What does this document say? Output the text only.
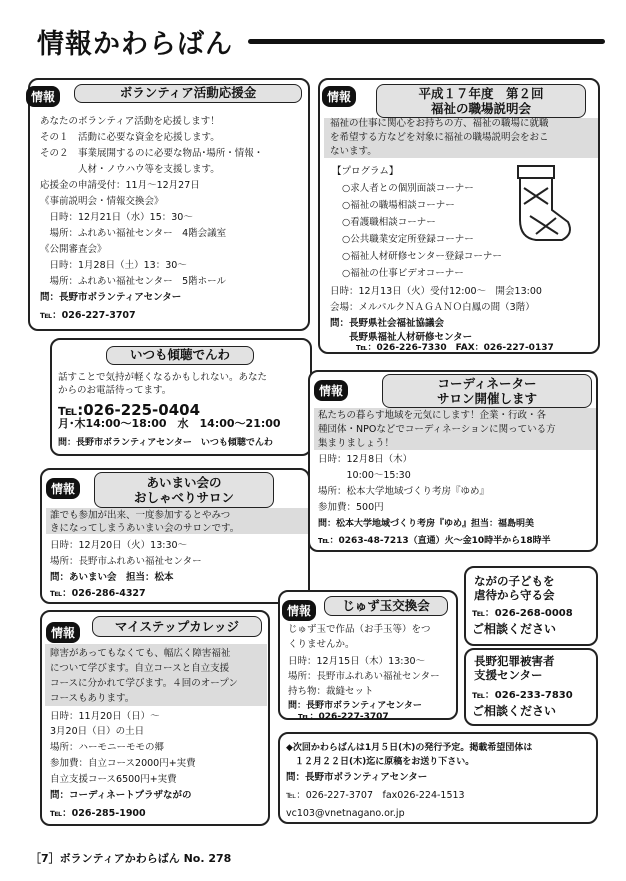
情報かわらばん
情報	ボランティア活動応援金
あなたのボランティア活動を応援します！
その１　活動に必要な資金を応援します。
その２　事業展開するのに必要な物品･場所・情報・
　　　　人材・ノウハウ等を支援します。
応援金の申請受付：11月～12月27日
《事前説明会・情報交換会》
　日時：12月21日（水）15：30～
　場所：ふれあい福祉センター　4階会議室
《公開審査会》
　日時：1月28日（土）13：30～
　場所：ふれあい福祉センター　5階ホール
問：長野市ボランティアセンター
℡：026-227-3707
いつも傾聴でんわ
話すことで気持が軽くなるかもしれない。あなた
からのお電話待ってます。
℡:026-225-0404
月･木14:00～18:00　水　14:00～21:00
問：長野市ボランティアセンター　いつも傾聴でんわ
情報	あいまい会の
おしゃべりサロン
誰でも参加が出来、一度参加するとやみつ
きになってしまうあいまい会のサロンです。
日時：12月20日（火）13:30～
場所：長野市ふれあい福祉センター
問：あいまい会　担当：松本
℡：026-286-4327
情報	マイステップカレッジ
障害があってもなくても、幅広く障害福祉
について学びます。自立コースと自立支援
コースに分かれて学びます。４回のオープン
コースもあります。
日時：11月20日（日）～
3月20日（日）の土日
場所：ハーモニーモモの郷
参加費：自立コース2000円+実費
自立支援コース6500円+実費
問：コーディネートプラザながの
℡：026-285-1900
情報	平成１７年度　第２回
福祉の職場説明会
福祉の仕事に関心をお持ちの方、福祉の職場に就職
を希望する方などを対象に福祉の職場説明会をおこ
ないます。
【プログラム】
○求人者との個別面談コーナー
○福祉の職場相談コーナー
○看護職相談コーナー
○公共職業安定所登録コーナー
○福祉人材研修センター登録コーナー
○福祉の仕事ビデオコーナー
日時：12月13日（火）受付12:00～　開会13:00
会場：メルパルクＮＡＧＡＮＯ白鳳の間（3階）
問：長野県社会福祉協議会
　　長野県福祉人材研修センター
℡：026-226-7330　FAX：026-227-0137
情報	コーディネーター
サロン開催します
私たちの暮らす地域を元気にします！企業・行政・各
種団体・NPOなどでコーディネーションに関っている方
集まりましょう！
日時：12月8日（木）
　　　10:00～15:30
場所：松本大学地域づくり考房『ゆめ』
参加費：500円
問：松本大学地域づくり考房『ゆめ』担当：福島明美
℡：0263-48-7213（直通）火～金10時半から18時半
情報	じゅず玉交換会
じゅず玉で作品（お手玉等）をつ
くりませんか。
日時：12月15日（木）13:30～
場所：長野市ふれあい福祉センター
持ち物：裁縫セット
問：長野市ボランティアセンター
℡：026-227-3707
ながの子どもを
虐待から守る会
℡：026-268-0008
ご相談ください
長野犯罪被害者
支援センター
℡：026-233-7830
ご相談ください
◆次回かわらばんは1月５日(木)の発行予定。掲載希望団体は
　１２月２２日(木)迄に原稿をお送り下さい。
問：長野市ボランティアセンター
℡：026-227-3707　fax026-224-1513
vc103@vnetnagano.or.jp
［7］ボランティアかわらばん No. 278
